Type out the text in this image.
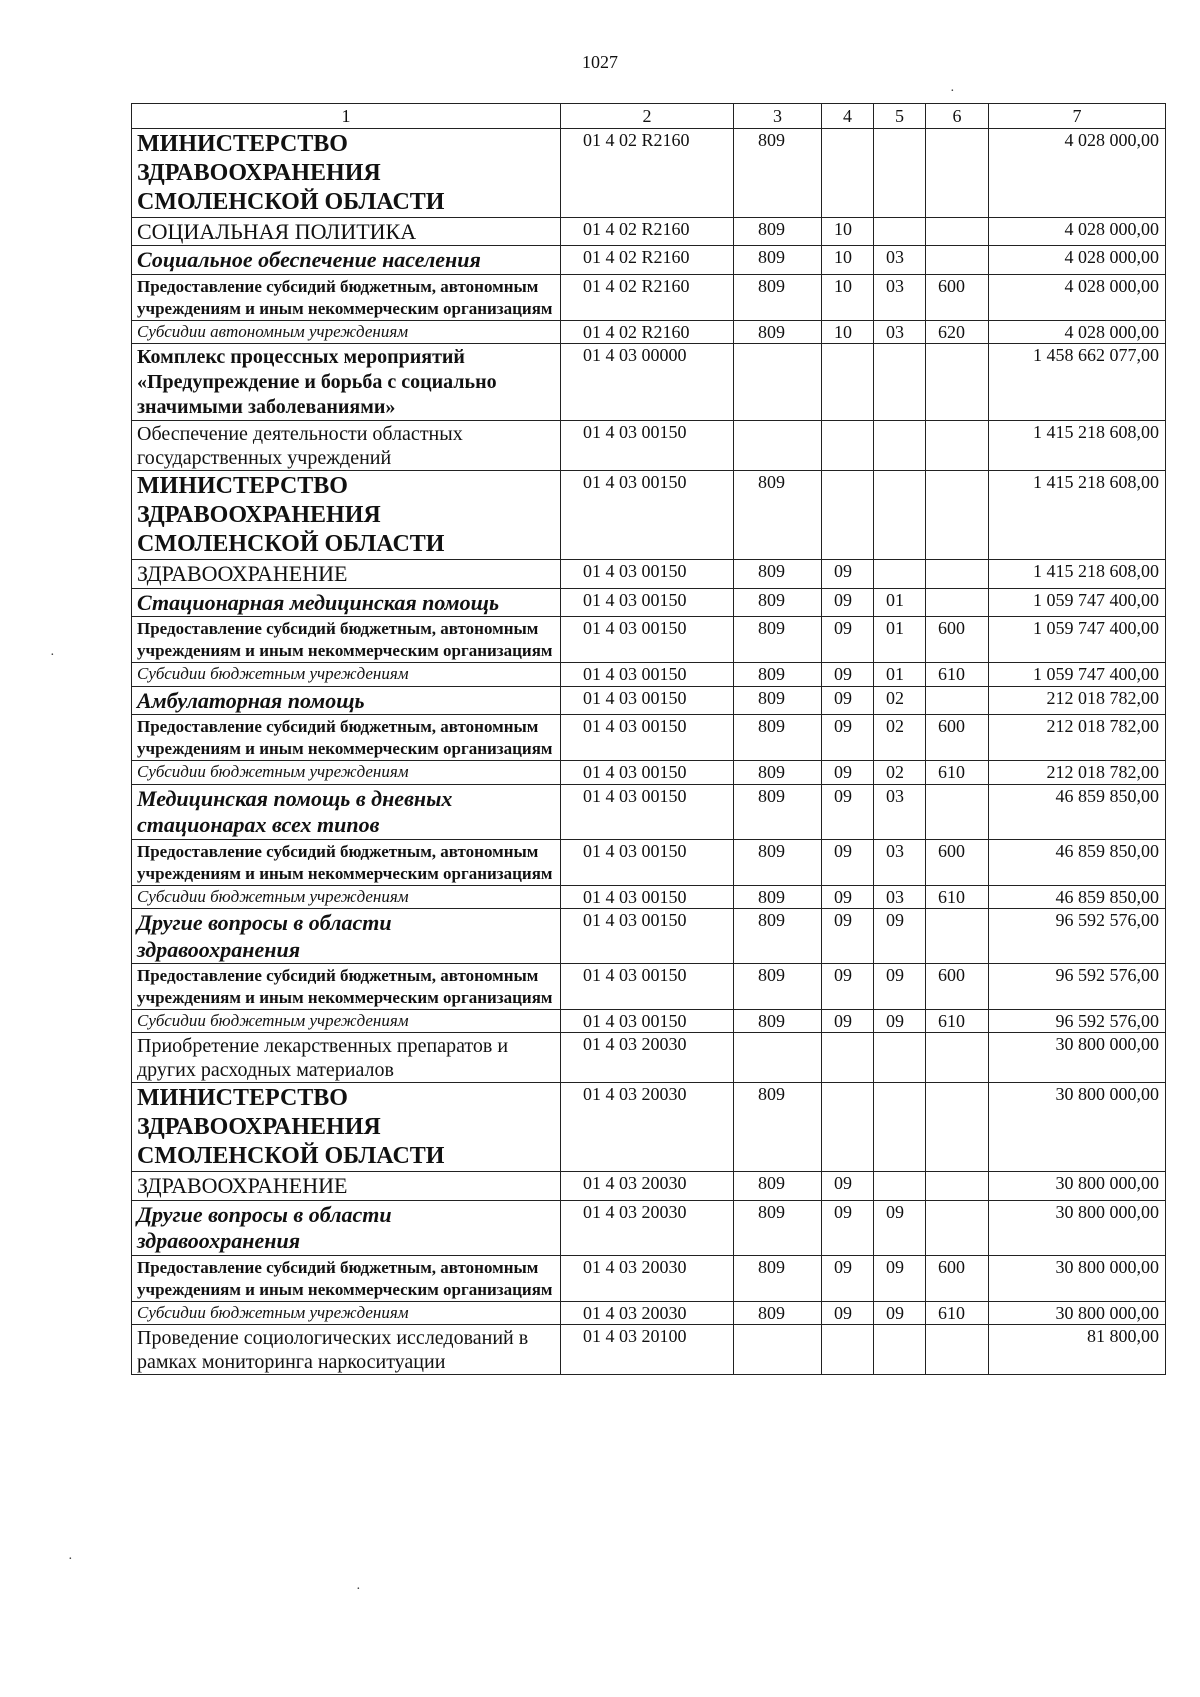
1027
·
·
·
·
1	2	3	4	5	6	7
МИНИСТЕРСТВО ЗДРАВООХРАНЕНИЯ СМОЛЕНСКОЙ ОБЛАСТИ	01 4 02 R2160	809				4 028 000,00
СОЦИАЛЬНАЯ ПОЛИТИКА	01 4 02 R2160	809	10			4 028 000,00
Социальное обеспечение населения	01 4 02 R2160	809	10	03		4 028 000,00
Предоставление субсидий бюджетным, автономным учреждениям и иным некоммерческим организациям	01 4 02 R2160	809	10	03	600	4 028 000,00
Субсидии автономным учреждениям	01 4 02 R2160	809	10	03	620	4 028 000,00
Комплекс процессных мероприятий «Предупреждение и борьба с социально значимыми заболеваниями»	01 4 03 00000					1 458 662 077,00
Обеспечение деятельности областных государственных учреждений	01 4 03 00150					1 415 218 608,00
МИНИСТЕРСТВО ЗДРАВООХРАНЕНИЯ СМОЛЕНСКОЙ ОБЛАСТИ	01 4 03 00150	809				1 415 218 608,00
ЗДРАВООХРАНЕНИЕ	01 4 03 00150	809	09			1 415 218 608,00
Стационарная медицинская помощь	01 4 03 00150	809	09	01		1 059 747 400,00
Предоставление субсидий бюджетным, автономным учреждениям и иным некоммерческим организациям	01 4 03 00150	809	09	01	600	1 059 747 400,00
Субсидии бюджетным учреждениям	01 4 03 00150	809	09	01	610	1 059 747 400,00
Амбулаторная помощь	01 4 03 00150	809	09	02		212 018 782,00
Предоставление субсидий бюджетным, автономным учреждениям и иным некоммерческим организациям	01 4 03 00150	809	09	02	600	212 018 782,00
Субсидии бюджетным учреждениям	01 4 03 00150	809	09	02	610	212 018 782,00
Медицинская помощь в дневных стационарах всех типов	01 4 03 00150	809	09	03		46 859 850,00
Предоставление субсидий бюджетным, автономным учреждениям и иным некоммерческим организациям	01 4 03 00150	809	09	03	600	46 859 850,00
Субсидии бюджетным учреждениям	01 4 03 00150	809	09	03	610	46 859 850,00
Другие вопросы в области здравоохранения	01 4 03 00150	809	09	09		96 592 576,00
Предоставление субсидий бюджетным, автономным учреждениям и иным некоммерческим организациям	01 4 03 00150	809	09	09	600	96 592 576,00
Субсидии бюджетным учреждениям	01 4 03 00150	809	09	09	610	96 592 576,00
Приобретение лекарственных препаратов и других расходных материалов	01 4 03 20030					30 800 000,00
МИНИСТЕРСТВО ЗДРАВООХРАНЕНИЯ СМОЛЕНСКОЙ ОБЛАСТИ	01 4 03 20030	809				30 800 000,00
ЗДРАВООХРАНЕНИЕ	01 4 03 20030	809	09			30 800 000,00
Другие вопросы в области здравоохранения	01 4 03 20030	809	09	09		30 800 000,00
Предоставление субсидий бюджетным, автономным учреждениям и иным некоммерческим организациям	01 4 03 20030	809	09	09	600	30 800 000,00
Субсидии бюджетным учреждениям	01 4 03 20030	809	09	09	610	30 800 000,00
Проведение социологических исследований в рамках мониторинга наркоситуации	01 4 03 20100					81 800,00
